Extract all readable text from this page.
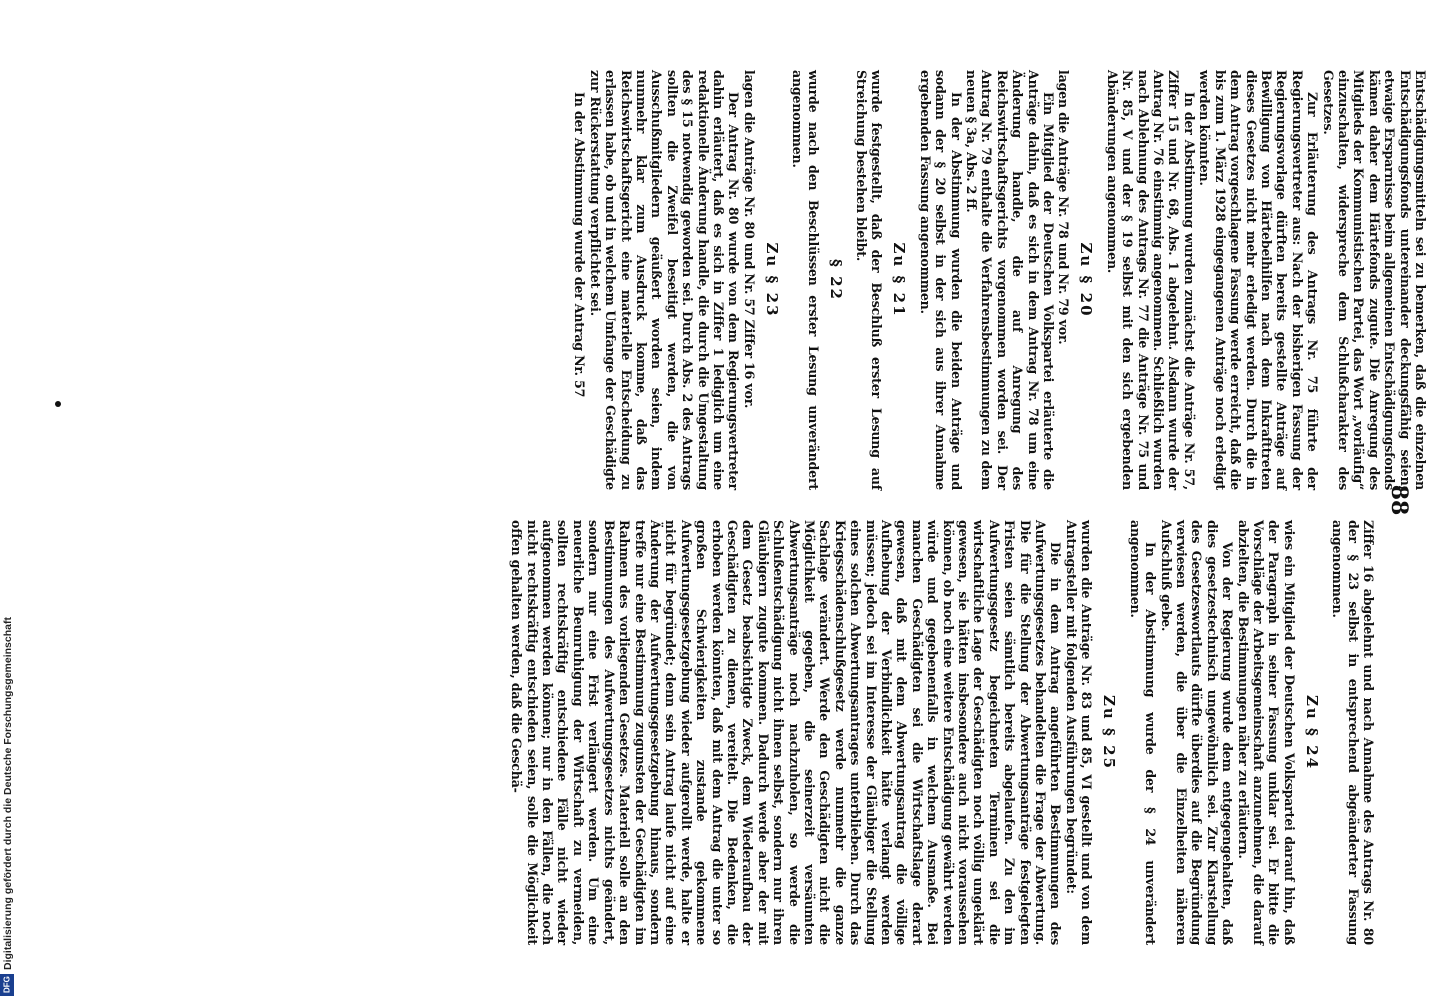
88

Entschädigungsmitteln sei zu bemerken, daß die einzelnen Entschädigungsfonds untereinander deckungsfähig seien; etwaige Ersparnisse beim allgemeinen Entschädigungsfonds kämen daher dem Härtefonds zugute. Die Anregung des Mitglieds der Kommunistischen Partei, das Wort „vorläufig“ einzuschalten, widerspreche dem Schlußcharakter des Gesetzes.

Zur Erläuterung des Antrags Nr. 75 führte der Regierungsvertreter aus: Nach der bisherigen Fassung der Regierungsvorlage dürften bereits gestellte Anträge auf Bewilligung von Härtebeihilfen nach dem Inkrafttreten dieses Gesetzes nicht mehr erledigt werden. Durch die in dem Antrag vorgeschlagene Fassung werde erreicht, daß die bis zum 1. März 1928 eingegangenen Anträge noch erledigt werden könnten.

In der Abstimmung wurden zunächst die Anträge Nr. 57, Ziffer 15 und Nr. 68, Abs. 1 abgelehnt. Alsdann wurde der Antrag Nr. 76 einstimmig angenommen. Schließlich wurden nach Ablehnung des Antrags Nr. 77 die Anträge Nr. 75 und Nr. 85, V und der § 19 selbst mit den sich ergebenden Abänderungen angenommen.

Zu § 20

lagen die Anträge Nr. 78 und Nr. 79 vor.

Ein Mitglied der Deutschen Volkspartei erläuterte die Anträge dahin, daß es sich in dem Antrag Nr. 78 um eine Änderung handle, die auf Anregung des Reichswirtschaftsgerichts vorgenommen worden sei. Der Antrag Nr. 79 enthalte die Verfahrensbestimmungen zu dem neuen § 3a, Abs. 2 ff.

In der Abstimmung wurden die beiden Anträge und sodann der § 20 selbst in der sich aus ihrer Annahme ergebenden Fassung angenommen.

Zu § 21

wurde festgestellt, daß der Beschluß erster Lesung auf Streichung bestehen bleibt.

§ 22

wurde nach den Beschlüssen erster Lesung unverändert angenommen.

Zu § 23

lagen die Anträge Nr. 80 und Nr. 57 Ziffer 16 vor.

Der Antrag Nr. 80 wurde von dem Regierungsvertreter dahin erläutert, daß es sich in Ziffer 1 lediglich um eine redaktionelle Änderung handle, die durch die Umgestaltung des § 15 notwendig geworden sei. Durch Abs. 2 des Antrags sollten die Zweifel beseitigt werden, die von Ausschußmitgliedern geäußert worden seien, indem nunmehr klar zum Ausdruck komme, daß das Reichswirtschaftsgericht eine materielle Entscheidung zu erlassen habe, ob und in welchem Umfange der Geschädigte zur Rückerstattung verpflichtet sei.

In der Abstimmung wurde der Antrag Nr. 57

Ziffer 16 abgelehnt und nach Annahme des Antrags Nr. 80 der § 23 selbst in entsprechend abgeänderter Fassung angenommen.

Zu § 24

wies ein Mitglied der Deutschen Volkspartei darauf hin, daß der Paragraph in seiner Fassung unklar sei. Er bitte die Vorschläge der Arbeitsgemeinschaft anzunehmen, die darauf abzielten, die Bestimmungen näher zu erläutern.

Von der Regierung wurde dem entgegengehalten, daß dies gesetzestechnisch ungewöhnlich sei. Zur Klarstellung des Gesetzeswortlauts dürfte überdies auf die Begründung verwiesen werden, die über die Einzelheiten näheren Aufschluß gebe.

In der Abstimmung wurde der § 24 unverändert angenommen.

Zu § 25

wurden die Anträge Nr. 83 und 85, VI gestellt und von dem Antragsteller mit folgenden Ausführungen begründet:

Die in dem Antrag angeführten Bestimmungen des Aufwertungsgesetzes behandelten die Frage der Abwertung. Die für die Stellung der Abwertungsanträge festgelegten Fristen seien sämtlich bereits abgelaufen. Zu den im Aufwertungsgesetz begeichneten Terminen sei die wirtschaftliche Lage der Geschädigten noch völlig ungeklärt gewesen, sie hätten insbesondere auch nicht voraussehen können, ob noch eine weitere Entschädigung gewährt werden würde und gegebenenfalls in welchem Ausmaße. Bei manchen Geschädigten sei die Wirtschaftslage derart gewesen, daß mit dem Abwertungsantrag die völlige Aufhebung der Verbindlichkeit hätte verlangt werden müssen; jedoch sei im Interesse der Gläubiger die Stellung eines solchen Abwertungsantrages unterblieben. Durch das Kriegsschädenschlußgesetz werde nunmehr die ganze Sachlage verändert. Werde den Geschädigten nicht die Möglichkeit gegeben, die seinerzeit versäumten Abwertungsanträge noch nachzuholen, so werde die Schlußentschädigung nicht ihnen selbst, sondern nur ihren Gläubigern zugute kommen. Dadurch werde aber der mit dem Gesetz beabsichtigte Zweck, dem Wiederaufbau der Geschädigten zu dienen, vereitelt. Die Bedenken, die erhoben werden könnten, daß mit dem Antrag die unter so großen Schwierigkeiten zustande gekommene Aufwertungsgesetzgebung wieder aufgerollt werde, halte er nicht für begründet; denn sein Antrag laufe nicht auf eine Änderung der Aufwertungsgesetzgebung hinaus, sondern treffe nur eine Bestimmung zugunsten der Geschädigten im Rahmen des vorliegenden Gesetzes. Materiell solle an den Bestimmungen des Aufwertungsgesetzes nichts geändert, sondern nur eine Frist verlängert werden. Um eine neuerliche Beunruhigung der Wirtschaft zu vermeiden, sollten rechtskräftig entschiedene Fälle nicht wieder aufgenommen werden können; nur in den Fällen, die noch nicht rechtskräftig entschieden seien, solle die Möglichkeit offen gehalten werden, daß die Geschä-

Digitalisierung gefördert durch die Deutsche Forschungsgemeinschaft
DFG
